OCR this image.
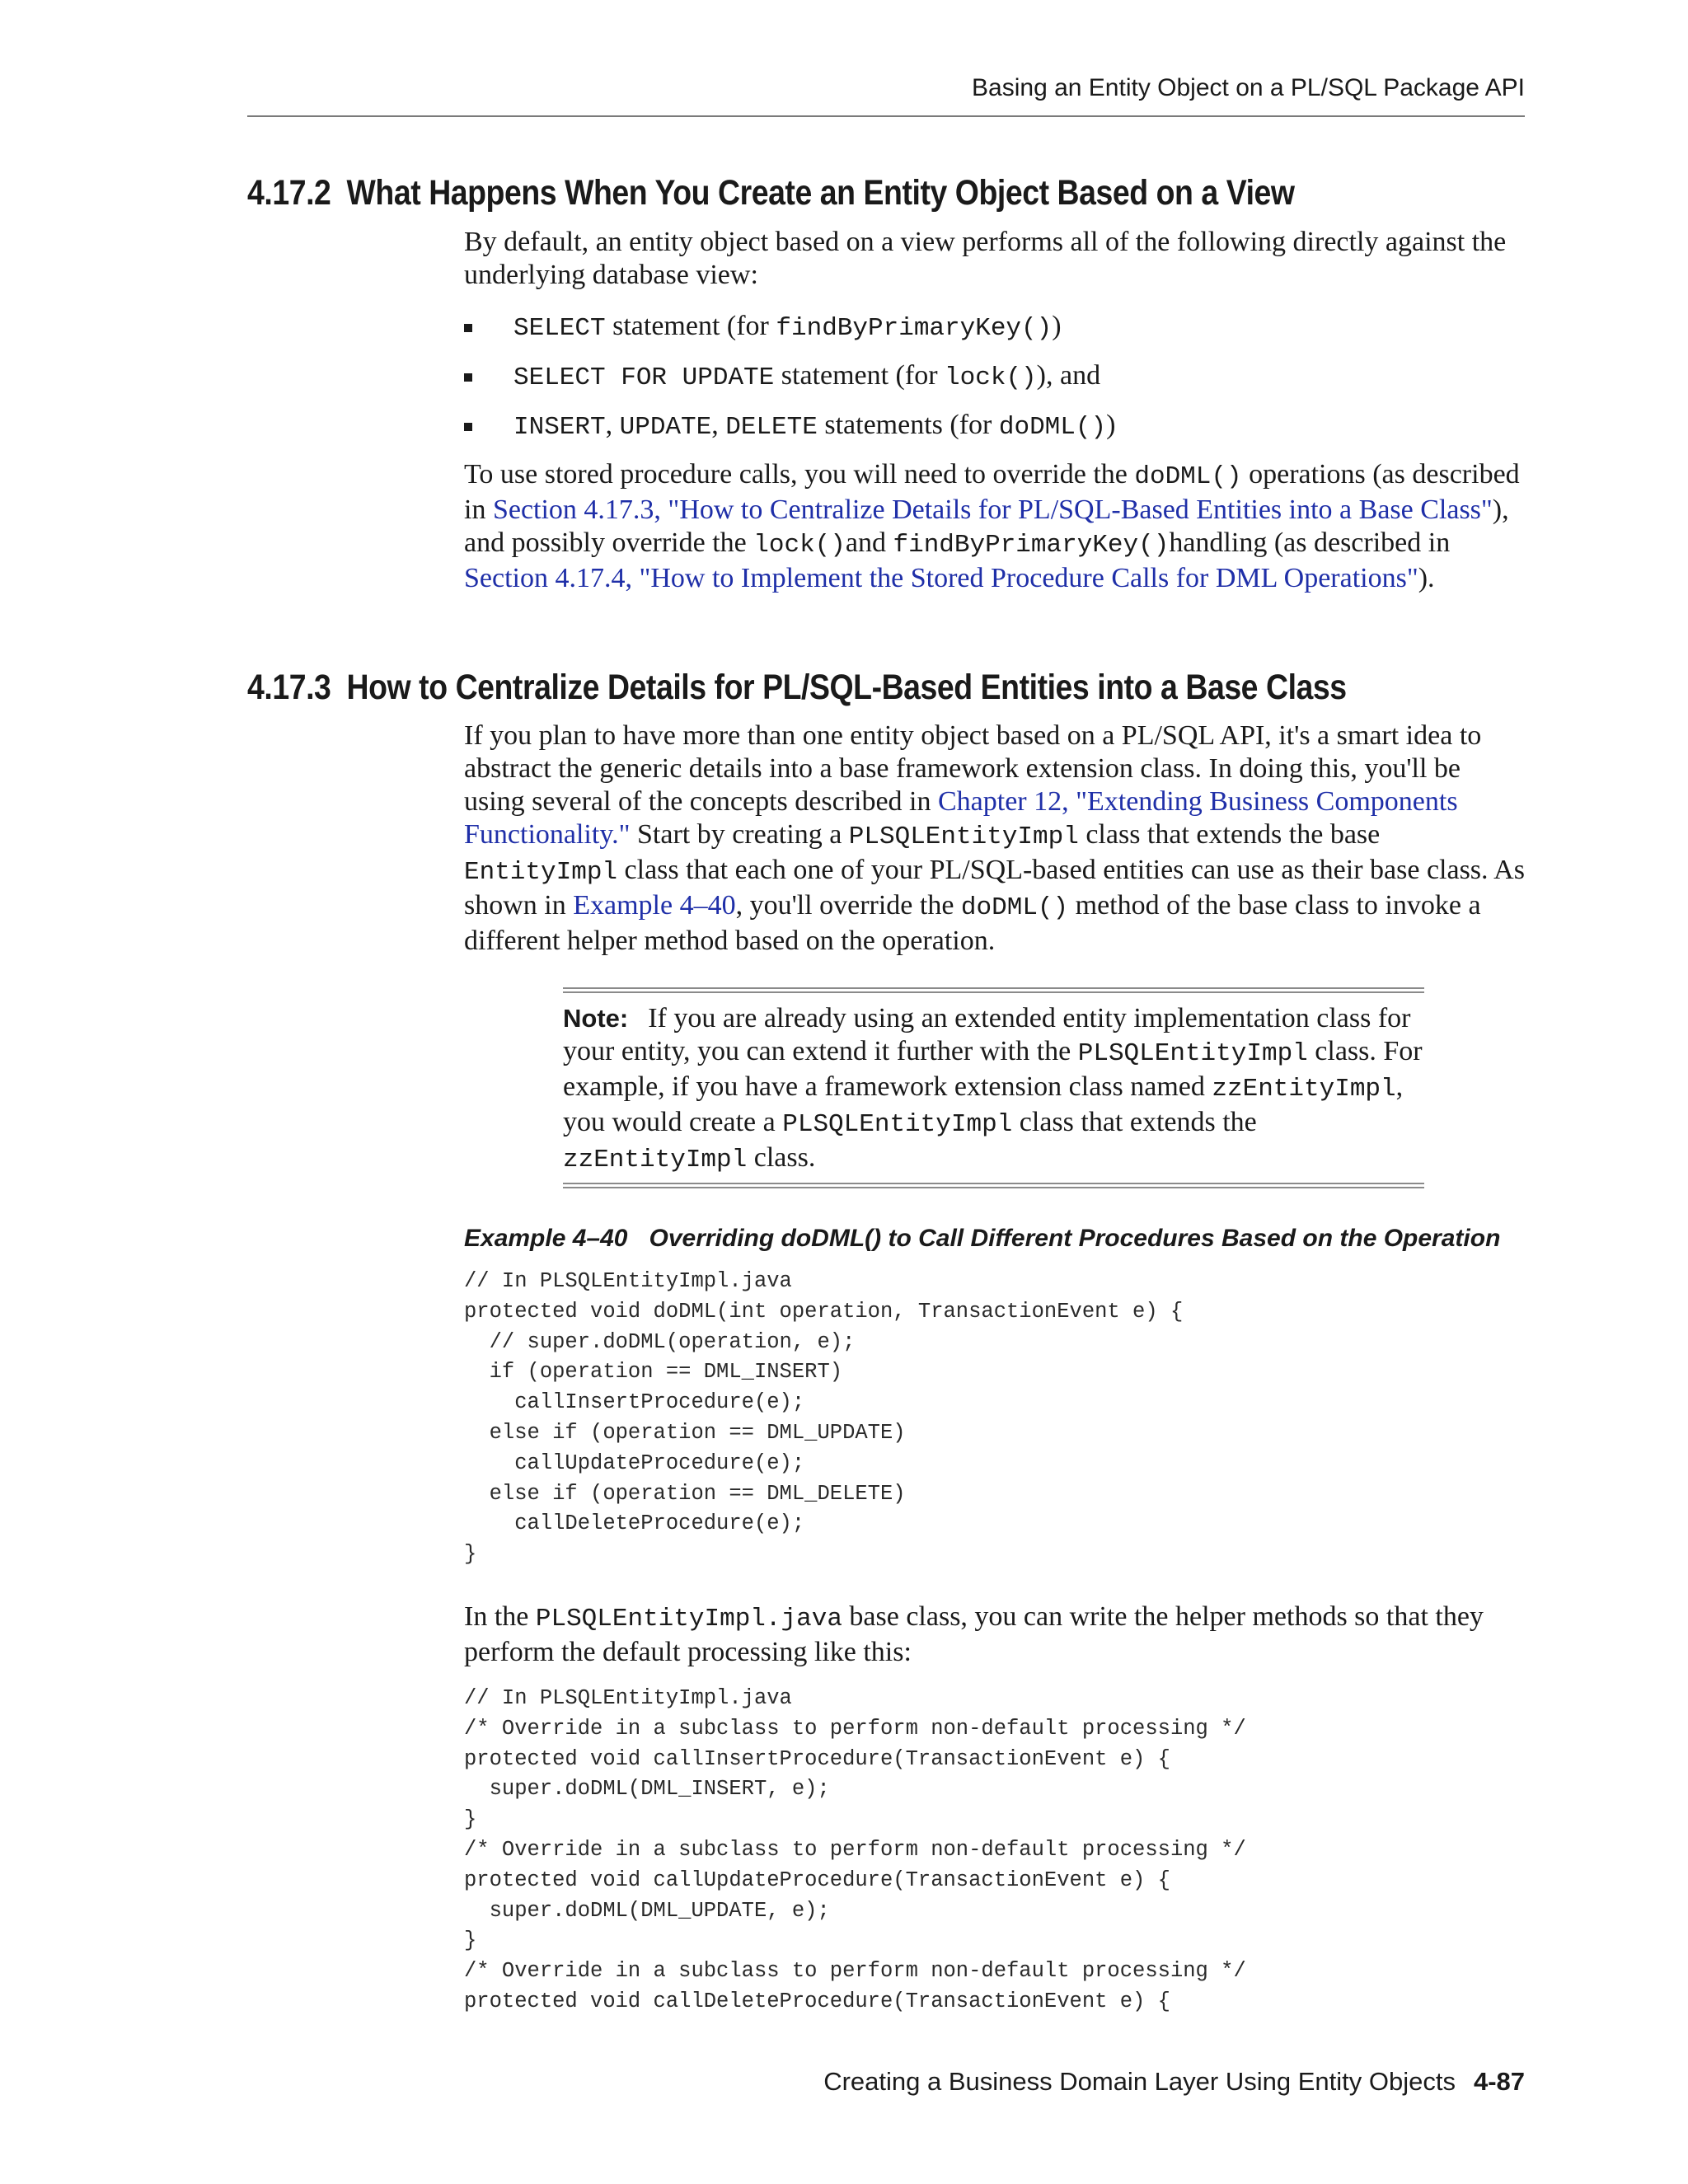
Basing an Entity Object on a PL/SQL Package API
4.17.2 What Happens When You Create an Entity Object Based on a View
By default, an entity object based on a view performs all of the following directly against the underlying database view:
SELECT statement (for findByPrimaryKey())
SELECT FOR UPDATE statement (for lock()), and
INSERT, UPDATE, DELETE statements (for doDML())
To use stored procedure calls, you will need to override the doDML() operations (as described in Section 4.17.3, "How to Centralize Details for PL/SQL-Based Entities into a Base Class"), and possibly override the lock()and findByPrimaryKey()handling (as described in Section 4.17.4, "How to Implement the Stored Procedure Calls for DML Operations").
4.17.3 How to Centralize Details for PL/SQL-Based Entities into a Base Class
If you plan to have more than one entity object based on a PL/SQL API, it's a smart idea to abstract the generic details into a base framework extension class. In doing this, you'll be using several of the concepts described in Chapter 12, "Extending Business Components Functionality." Start by creating a PLSQLEntityImpl class that extends the base EntityImpl class that each one of your PL/SQL-based entities can use as their base class. As shown in Example 4–40, you'll override the doDML() method of the base class to invoke a different helper method based on the operation.
Note: If you are already using an extended entity implementation class for your entity, you can extend it further with the PLSQLEntityImpl class. For example, if you have a framework extension class named zzEntityImpl, you would create a PLSQLEntityImpl class that extends the zzEntityImpl class.
Example 4–40 Overriding doDML() to Call Different Procedures Based on the Operation
// In PLSQLEntityImpl.java
protected void doDML(int operation, TransactionEvent e) {
// super.doDML(operation, e);
if (operation == DML_INSERT)
callInsertProcedure(e);
else if (operation == DML_UPDATE)
callUpdateProcedure(e);
else if (operation == DML_DELETE)
callDeleteProcedure(e);
}
In the PLSQLEntityImpl.java base class, you can write the helper methods so that they perform the default processing like this:
// In PLSQLEntityImpl.java
/* Override in a subclass to perform non-default processing */
protected void callInsertProcedure(TransactionEvent e) {
super.doDML(DML_INSERT, e);
}
/* Override in a subclass to perform non-default processing */
protected void callUpdateProcedure(TransactionEvent e) {
super.doDML(DML_UPDATE, e);
}
/* Override in a subclass to perform non-default processing */
protected void callDeleteProcedure(TransactionEvent e) {
Creating a Business Domain Layer Using Entity Objects 4-87
